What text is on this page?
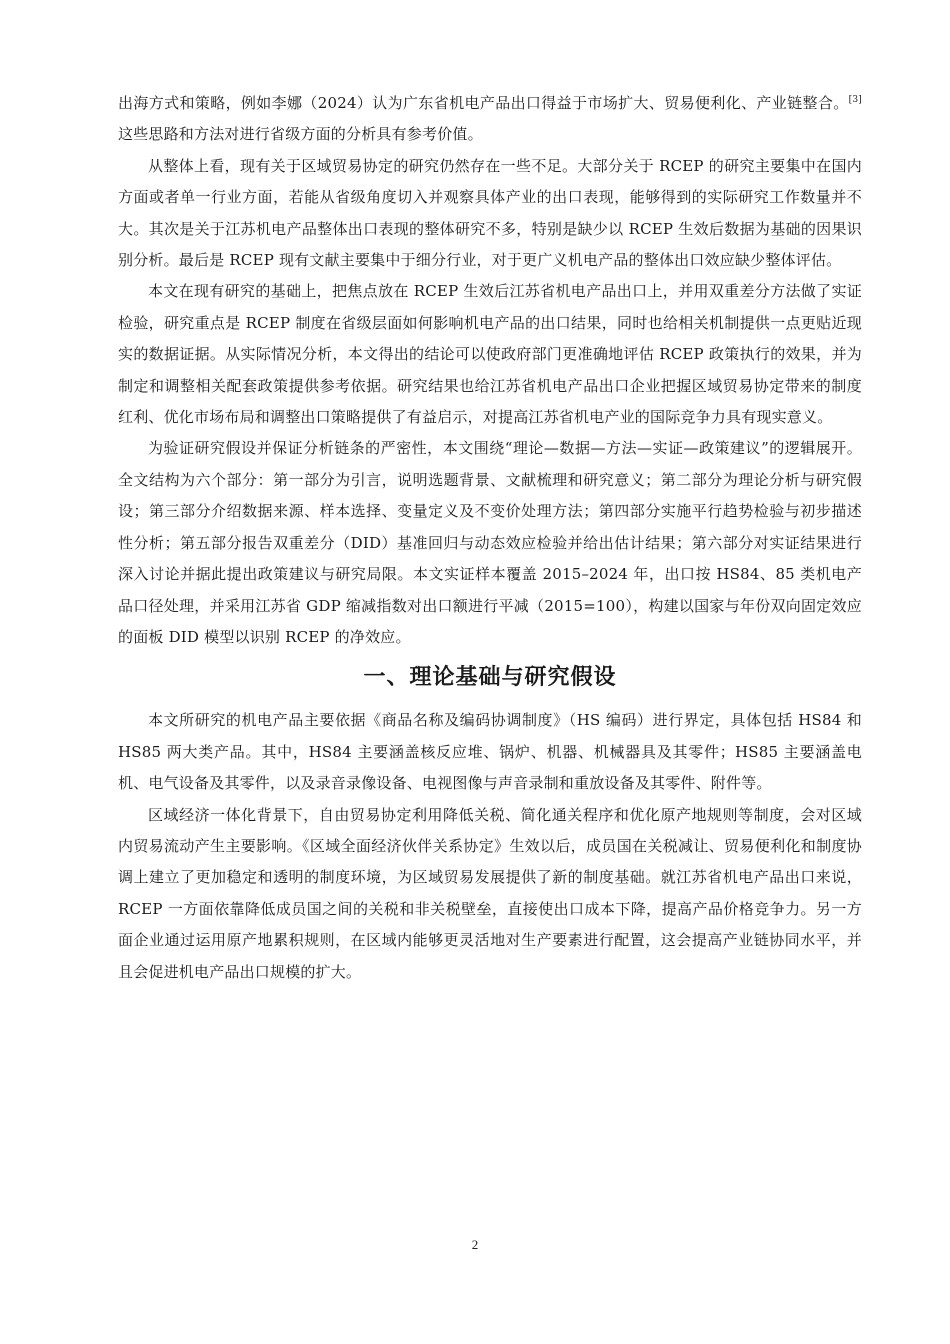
出海方式和策略，例如李娜（2024）认为广东省机电产品出口得益于市场扩大、贸易便利化、产业链整合。[3]这些思路和方法对进行省级方面的分析具有参考价值。

从整体上看，现有关于区域贸易协定的研究仍然存在一些不足。大部分关于 RCEP 的研究主要集中在国内方面或者单一行业方面，若能从省级角度切入并观察具体产业的出口表现，能够得到的实际研究工作数量并不大。其次是关于江苏机电产品整体出口表现的整体研究不多，特别是缺少以 RCEP 生效后数据为基础的因果识别分析。最后是 RCEP 现有文献主要集中于细分行业，对于更广义机电产品的整体出口效应缺少整体评估。

本文在现有研究的基础上，把焦点放在 RCEP 生效后江苏省机电产品出口上，并用双重差分方法做了实证检验，研究重点是 RCEP 制度在省级层面如何影响机电产品的出口结果，同时也给相关机制提供一点更贴近现实的数据证据。从实际情况分析，本文得出的结论可以使政府部门更准确地评估 RCEP 政策执行的效果，并为制定和调整相关配套政策提供参考依据。研究结果也给江苏省机电产品出口企业把握区域贸易协定带来的制度红利、优化市场布局和调整出口策略提供了有益启示，对提高江苏省机电产业的国际竞争力具有现实意义。

为验证研究假设并保证分析链条的严密性，本文围绕“理论—数据—方法—实证—政策建议”的逻辑展开。全文结构为六个部分：第一部分为引言，说明选题背景、文献梳理和研究意义；第二部分为理论分析与研究假设；第三部分介绍数据来源、样本选择、变量定义及不变价处理方法；第四部分实施平行趋势检验与初步描述性分析；第五部分报告双重差分（DID）基准回归与动态效应检验并给出估计结果；第六部分对实证结果进行深入讨论并据此提出政策建议与研究局限。本文实证样本覆盖 2015–2024 年，出口按 HS84、85 类机电产品口径处理，并采用江苏省 GDP 缩减指数对出口额进行平减（2015=100），构建以国家与年份双向固定效应的面板 DID 模型以识别 RCEP 的净效应。

一、理论基础与研究假设

本文所研究的机电产品主要依据《商品名称及编码协调制度》（HS 编码）进行界定，具体包括 HS84 和 HS85 两大类产品。其中，HS84 主要涵盖核反应堆、锅炉、机器、机械器具及其零件；HS85 主要涵盖电机、电气设备及其零件，以及录音录像设备、电视图像与声音录制和重放设备及其零件、附件等。

区域经济一体化背景下，自由贸易协定利用降低关税、简化通关程序和优化原产地规则等制度，会对区域内贸易流动产生主要影响。《区域全面经济伙伴关系协定》生效以后，成员国在关税减让、贸易便利化和制度协调上建立了更加稳定和透明的制度环境，为区域贸易发展提供了新的制度基础。就江苏省机电产品出口来说，RCEP 一方面依靠降低成员国之间的关税和非关税壁垒，直接使出口成本下降，提高产品价格竞争力。另一方面企业通过运用原产地累积规则，在区域内能够更灵活地对生产要素进行配置，这会提高产业链协同水平，并且会促进机电产品出口规模的扩大。

2
